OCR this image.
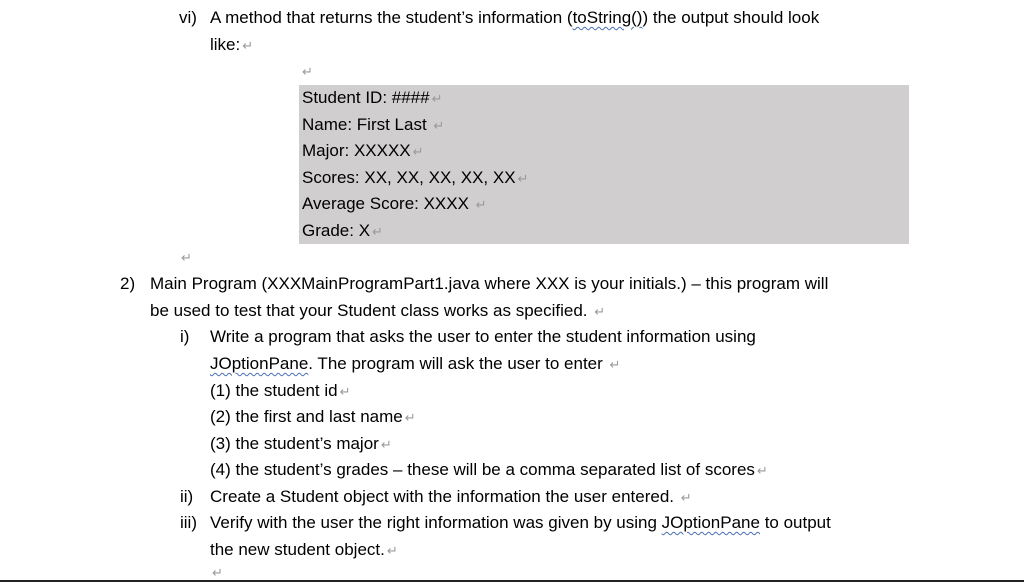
vi) A method that returns the student’s information (toString()) the output should look
like: ↵
↵
Student ID: #### ↵
Name: First Last ↵
Major: XXXXX ↵
Scores: XX, XX, XX, XX, XX ↵
Average Score: XXXX ↵
Grade: X ↵
↵
2) Main Program (XXXMainProgramPart1.java where XXX is your initials.) – this program will
be used to test that your Student class works as specified. ↵
i) Write a program that asks the user to enter the student information using
JOptionPane. The program will ask the user to enter ↵
(1) the student id ↵
(2) the first and last name ↵
(3) the student’s major ↵
(4) the student’s grades – these will be a comma separated list of scores ↵
ii) Create a Student object with the information the user entered. ↵
iii) Verify with the user the right information was given by using JOptionPane to output
the new student object. ↵
↵
